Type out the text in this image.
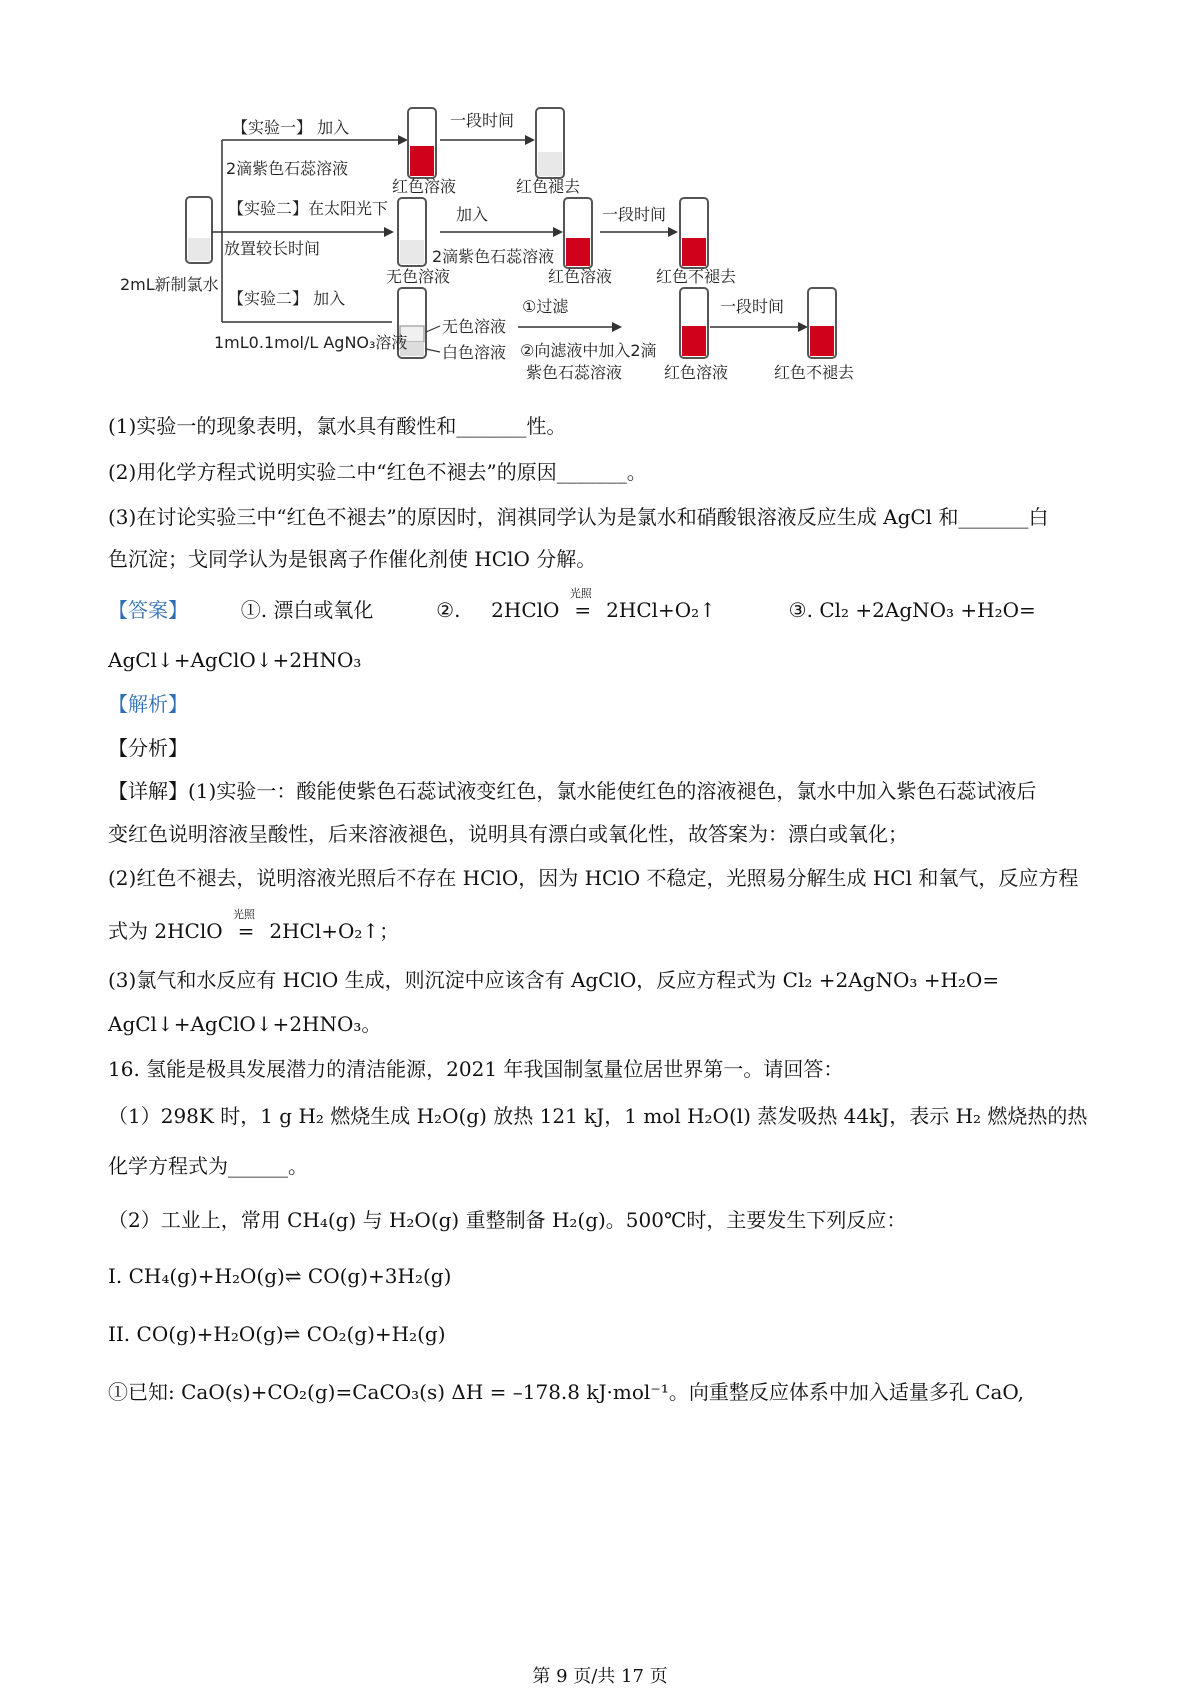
2mL新制氯水
【实验一】 加入
2滴紫色石蕊溶液
红色溶液
一段时间
红色褪去
【实验二】在太阳光下
放置较长时间
无色溶液
加入
2滴紫色石蕊溶液
红色溶液
一段时间
红色不褪去
【实验二】 加入
1mL0.1mol/L AgNO₃溶液
无色溶液
白色溶液
①过滤
②向滤液中加入2滴
紫色石蕊溶液	红色溶液
一段时间
红色不褪去
(1)实验一的现象表明，氯水具有酸性和_______性。
(2)用化学方程式说明实验二中“红色不褪去”的原因_______。
(3)在讨论实验三中“红色不褪去”的原因时，润祺同学认为是氯水和硝酸银溶液反应生成 AgCl 和_______白
色沉淀；戈同学认为是银离子作催化剂使 HClO 分解。
【答案】	①. 漂白或氧化	②. 2HClO
光照
= 2HCl+O₂↑	③. Cl₂ +2AgNO₃ +H₂O=
AgCl↓+AgClO↓+2HNO₃
【解析】
【分析】
【详解】(1)实验一：酸能使紫色石蕊试液变红色，氯水能使红色的溶液褪色，氯水中加入紫色石蕊试液后
变红色说明溶液呈酸性，后来溶液褪色，说明具有漂白或氧化性，故答案为：漂白或氧化；
(2)红色不褪去，说明溶液光照后不存在 HClO，因为 HClO 不稳定，光照易分解生成 HCl 和氧气，反应方程
式为 2HClO
光照
= 2HCl+O₂↑；
(3)氯气和水反应有 HClO 生成，则沉淀中应该含有 AgClO，反应方程式为 Cl₂ +2AgNO₃ +H₂O=
AgCl↓+AgClO↓+2HNO₃。
16. 氢能是极具发展潜力的清洁能源，2021 年我国制氢量位居世界第一。请回答：
（1）298K 时，1 g H₂ 燃烧生成 H₂O(g) 放热 121 kJ，1 mol H₂O(l) 蒸发吸热 44kJ，表示 H₂ 燃烧热的热
化学方程式为______。
（2）工业上，常用 CH₄(g) 与 H₂O(g) 重整制备 H₂(g)。500℃时，主要发生下列反应：
I. CH₄(g)+H₂O(g)⇌ CO(g)+3H₂(g)
II. CO(g)+H₂O(g)⇌ CO₂(g)+H₂(g)
①已知: CaO(s)+CO₂(g)=CaCO₃(s) ΔH = –178.8 kJ·mol⁻¹。向重整反应体系中加入适量多孔 CaO,
第 9 页/共 17 页
